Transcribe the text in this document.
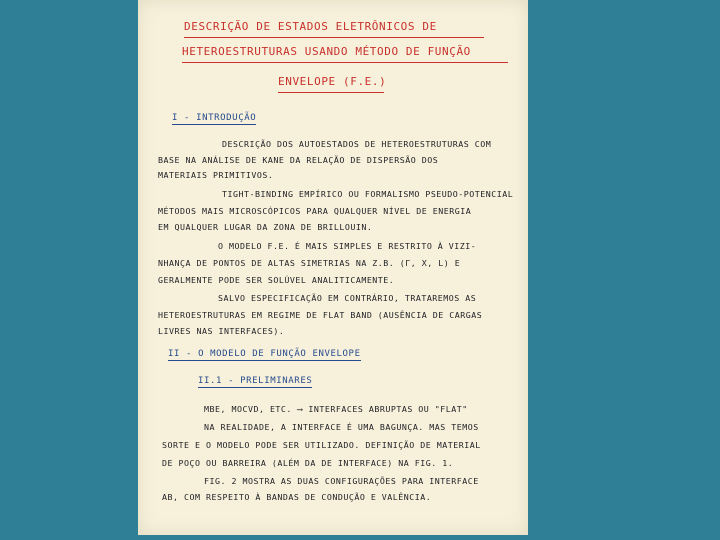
DESCRIÇÃO DE ESTADOS ELETRÔNICOS DE
HETEROESTRUTURAS USANDO MÉTODO DE FUNÇÃO
ENVELOPE (F.E.)
I - INTRODUÇÃO
DESCRIÇÃO DOS AUTOESTADOS DE HETEROESTRUTURAS COM
BASE NA ANÁLISE DE KANE DA RELAÇÃO DE DISPERSÃO DOS
MATERIAIS PRIMITIVOS.
TIGHT-BINDING EMPÍRICO OU FORMALISMO PSEUDO-POTENCIAL
MÉTODOS MAIS MICROSCÓPICOS PARA QUALQUER NÍVEL DE ENERGIA
EM QUALQUER LUGAR DA ZONA DE BRILLOUIN.
O MODELO F.E. É MAIS SIMPLES E RESTRITO À VIZI-
NHANÇA DE PONTOS DE ALTAS SIMETRIAS NA Z.B. (Γ, X, L) E
GERALMENTE PODE SER SOLÚVEL ANALITICAMENTE.
SALVO ESPECIFICAÇÃO EM CONTRÁRIO, TRATAREMOS AS
HETEROESTRUTURAS EM REGIME DE FLAT BAND (AUSÊNCIA DE CARGAS
LIVRES NAS INTERFACES).
II - O MODELO DE FUNÇÃO ENVELOPE
II.1 - PRELIMINARES
MBE, MOCVD, ETC. ⟶ INTERFACES ABRUPTAS OU "FLAT"
NA REALIDADE, A INTERFACE É UMA BAGUNÇA. MAS TEMOS
SORTE E O MODELO PODE SER UTILIZADO. DEFINIÇÃO DE MATERIAL
DE POÇO OU BARREIRA (ALÉM DA DE INTERFACE) NA FIG. 1.
FIG. 2 MOSTRA AS DUAS CONFIGURAÇÕES PARA INTERFACE
AB, COM RESPEITO À BANDAS DE CONDUÇÃO E VALÊNCIA.
